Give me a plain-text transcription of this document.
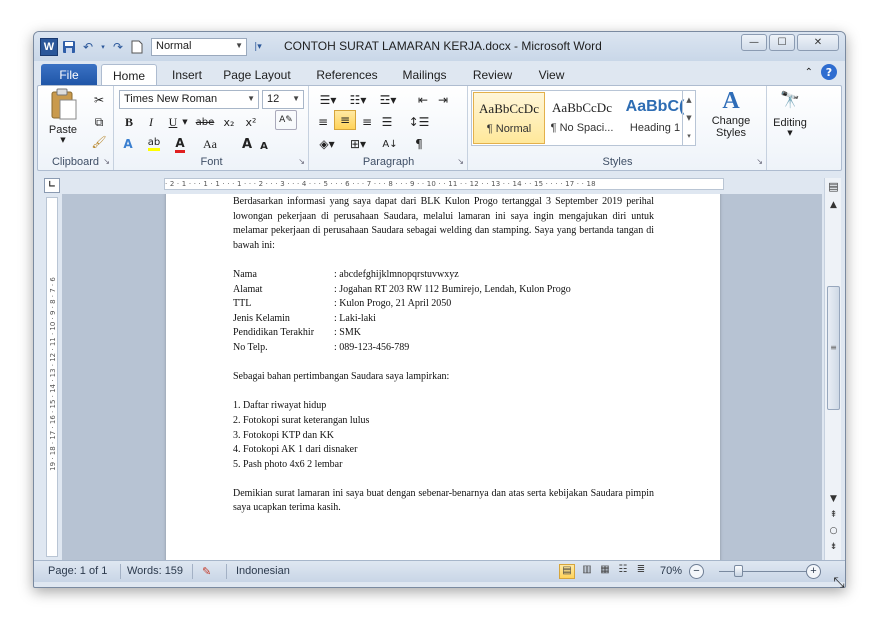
W	↶	▾ ↷	Normal	▼	|▾	CONTOH SURAT LAMARAN KERJA.docx - Microsoft Word	—	☐	✕
File	Home	Insert	Page Layout	References	Mailings	Review	View	⌃	?
Paste
▼
✂
⧉
🖌
Clipboard ↘
Times New Roman	▼	12 ▼
B	I	U ▼ abe x₂	x²	A✎
A	ab A	Aa	A A
Font	↘
☰▾	☷▾	☲▾	⇤ ⇥
≡ ≡ ≡ ☰	↕☰
◈▾	⊞▾	A↓	¶
Paragraph	↘
AaBbCcDc
¶ Normal
AaBbCcDc
¶ No Spaci...
AaBbC(
Heading 1
▲
▼
▾
A
Change Styles
Styles	↘
🔭
Editing
▼
∟	· 2 · 1 · · · 1 · 1 · · · 1 · · · 2 · · · 3 · · · 4 · · · 5 · · · 6 · · · 7 · · · 8 · · · 9 · · 10 · · 11 · · 12 · · 13 · · 14 · · 15 · · · · 17 · · 18
19 · 18 · 17 · 16 · 15 · 14 · 13 · 12 · 11 · 10 · 9 · 8 · 7 · 6

Berdasarkan informasi yang saya dapat dari BLK Kulon Progo tertanggal 3 September 2019 perihal lowongan pekerjaan di perusahaan Saudara, melalui lamaran ini saya ingin mengajukan diri untuk melamar pekerjaan di perusahaan Saudara sebagai welding dan stamping. Saya yang bertanda tangan di bawah ini:

Nama	: abcdefghijklmnopqrstuvwxyz
Alamat	: Jogahan RT 203 RW 112 Bumirejo, Lendah, Kulon Progo
TTL	: Kulon Progo, 21 April 2050
Jenis Kelamin	: Laki-laki
Pendidikan Terakhir	: SMK
No Telp.	: 089-123-456-789

Sebagai bahan pertimbangan Saudara saya lampirkan:

1. Daftar riwayat hidup
2. Fotokopi surat keterangan lulus
3. Fotokopi KTP dan KK
4. Fotokopi AK 1 dari disnaker
5. Pash photo 4x6 2 lembar

Demikian surat lamaran ini saya buat dengan sebenar-benarnya dan atas serta kebijakan Saudara pimpin saya ucapkan terima kasih.

▤
▲
≡
▼
⇞
○
⇟
Page: 1 of 1 Words: 159 ✎ Indonesian	▤	▥ ▦ ☷ ≣	70%	−	+
⤡
